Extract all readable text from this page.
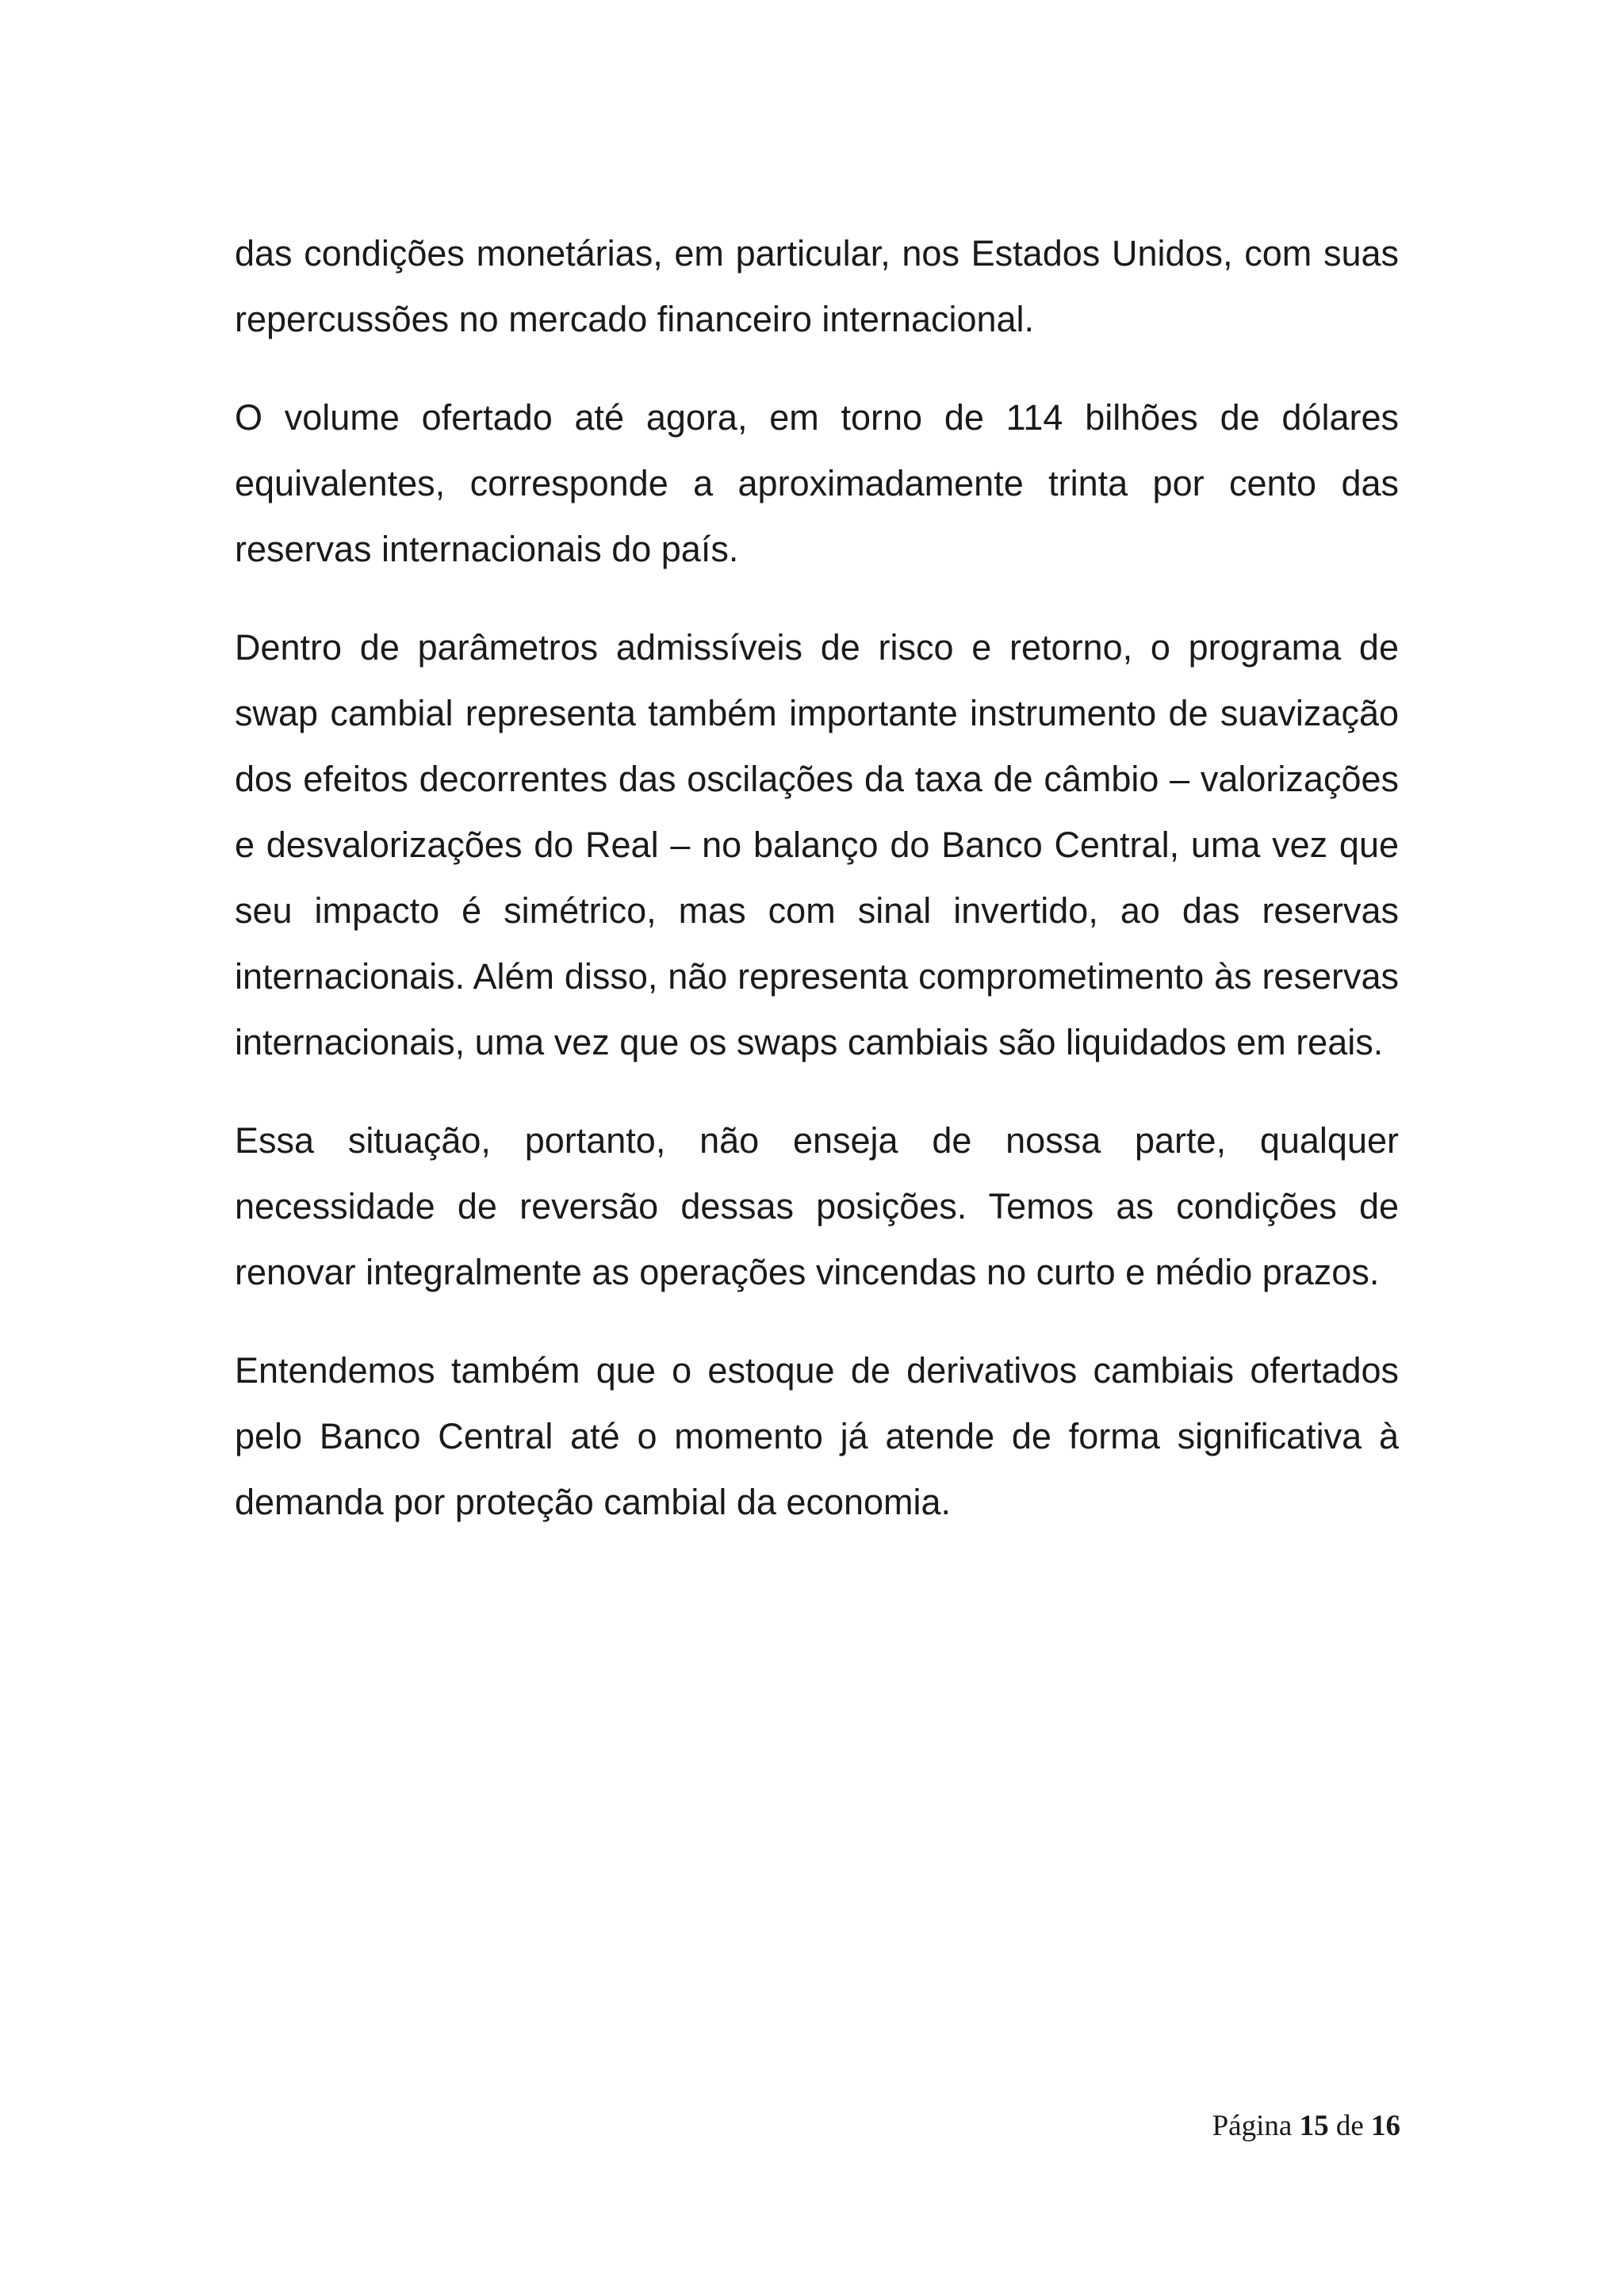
das condições monetárias, em particular, nos Estados Unidos, com suas repercussões no mercado financeiro internacional.

O volume ofertado até agora, em torno de 114 bilhões de dólares equivalentes, corresponde a aproximadamente trinta por cento das reservas internacionais do país.

Dentro de parâmetros admissíveis de risco e retorno, o programa de swap cambial representa também importante instrumento de suavização dos efeitos decorrentes das oscilações da taxa de câmbio – valorizações e desvalorizações do Real – no balanço do Banco Central, uma vez que seu impacto é simétrico, mas com sinal invertido, ao das reservas internacionais. Além disso, não representa comprometimento às reservas internacionais, uma vez que os swaps cambiais são liquidados em reais.

Essa situação, portanto, não enseja de nossa parte, qualquer necessidade de reversão dessas posições. Temos as condições de renovar integralmente as operações vincendas no curto e médio prazos.

Entendemos também que o estoque de derivativos cambiais ofertados pelo Banco Central até o momento já atende de forma significativa à demanda por proteção cambial da economia.

Página 15 de 16
